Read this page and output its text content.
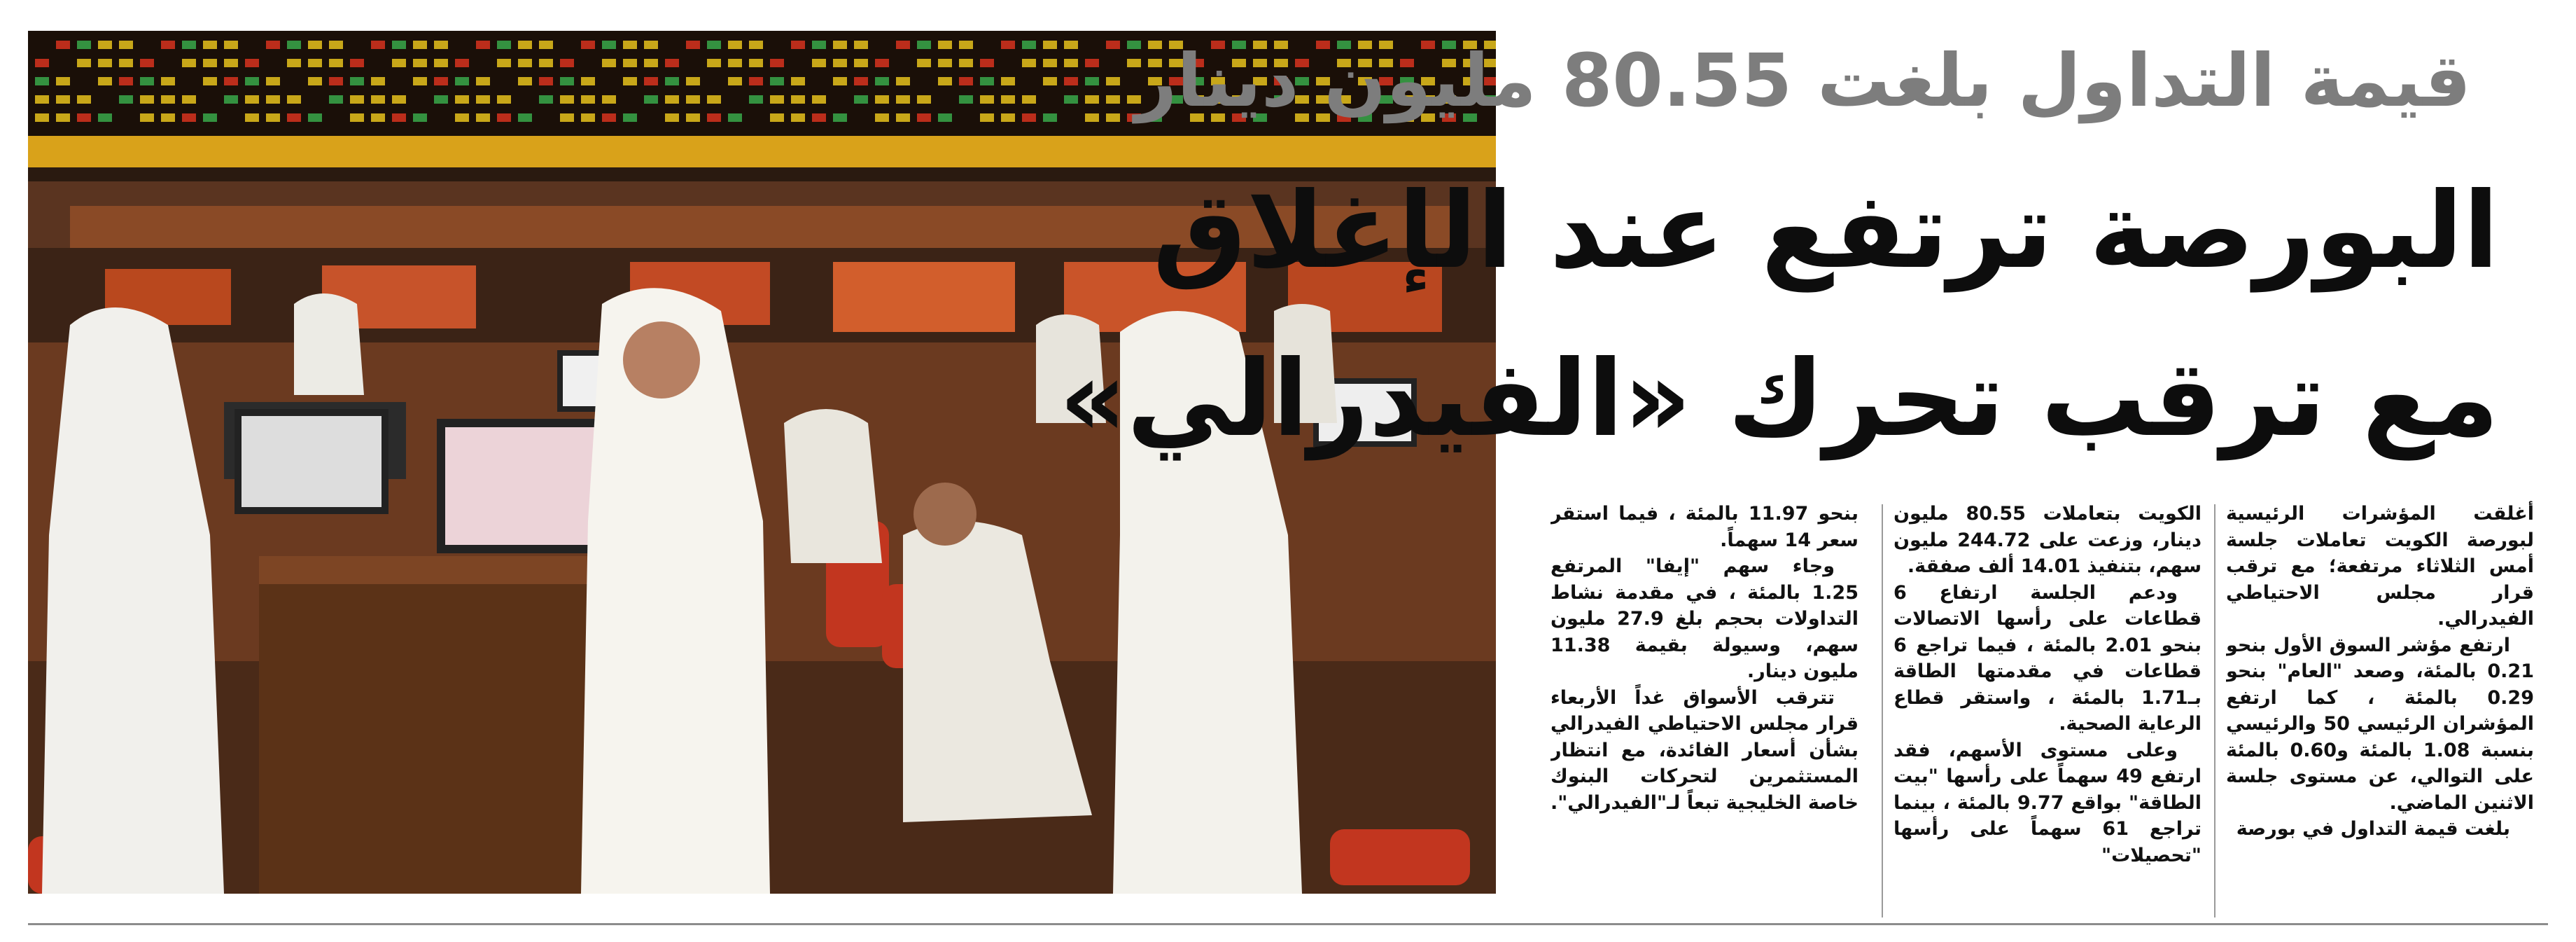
قيمة التداول بلغت 80.55 مليون دينار
البورصة ترتفع عند الإغلاق
مع ترقب تحرك «الفيدرالي»

أغلقت المؤشرات الرئيسية لبورصة الكويت تعاملات جلسة أمس الثلاثاء مرتفعة؛ مع ترقب قرار مجلس الاحتياطي الفيدرالي.

ارتفع مؤشر السوق الأول بنحو 0.21 بالمئة، وصعد "العام" بنحو 0.29 بالمئة ، كما ارتفع المؤشران الرئيسي 50 والرئيسي بنسبة 1.08 بالمئة و0.60 بالمئة على التوالي، عن مستوى جلسة الاثنين الماضي.

بلغت قيمة التداول في بورصة

الكويت بتعاملات 80.55 مليون دينار، وزعت على 244.72 مليون سهم، بتنفيذ 14.01 ألف صفقة.

ودعم الجلسة ارتفاع 6 قطاعات على رأسها الاتصالات بنحو 2.01 بالمئة ، فيما تراجع 6 قطاعات في مقدمتها الطاقة بـ1.71 بالمئة ، واستقر قطاع الرعاية الصحية.

وعلى مستوى الأسهم، فقد ارتفع 49 سهماً على رأسها "بيت الطاقة" بواقع 9.77 بالمئة ، بينما تراجع 61 سهماً على رأسها "تحصيلات"

بنحو 11.97 بالمئة ، فيما استقر سعر 14 سهماً.

وجاء سهم "إيفا" المرتفع 1.25 بالمئة ، في مقدمة نشاط التداولات بحجم بلغ 27.9 مليون سهم، وسيولة بقيمة 11.38 مليون دينار.

تترقب الأسواق غداً الأربعاء قرار مجلس الاحتياطي الفيدرالي بشأن أسعار الفائدة، مع انتظار المستثمرين لتحركات البنوك خاصة الخليجية تبعاً لـ"الفيدرالي".
